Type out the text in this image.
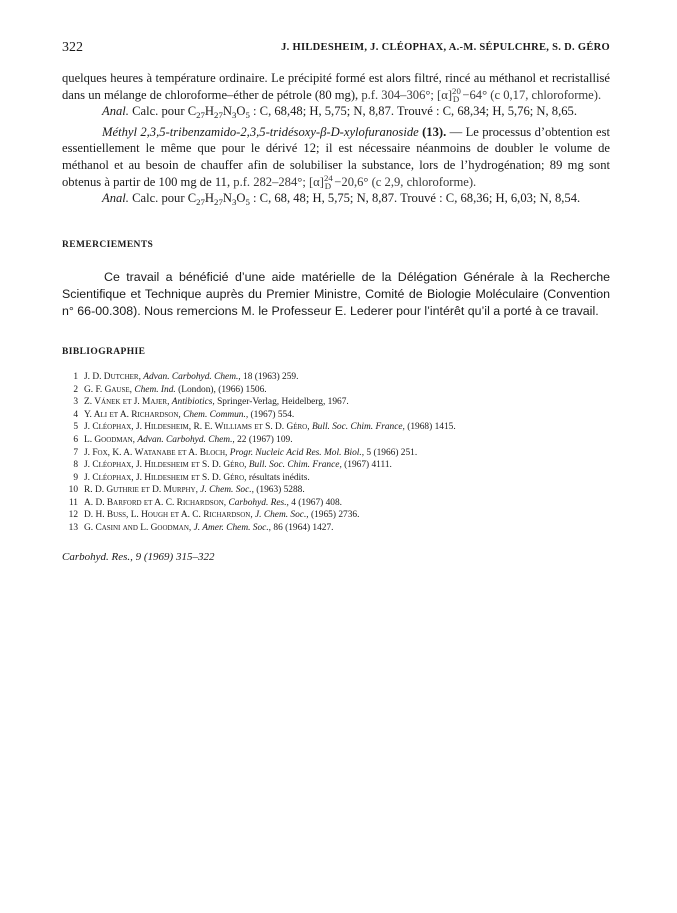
322	J. HILDESHEIM, J. CLÉOPHAX, A.-M. SÉPULCHRE, S. D. GÉRO

quelques heures à température ordinaire. Le précipité formé est alors filtré, rincé au méthanol et recristallisé dans un mélange de chloroforme–éther de pétrole (80 mg), p.f. 304–306°; $[\alpha]^{20}_D -64^\circ$ (c 0,17, chloroforme).

Anal. Calc. pour $C_{27}H_{27}N_3O_5$ : C, 68,48; H, 5,75; N, 8,87. Trouvé : C, 68,34; H, 5,76; N, 8,65.

Méthyl 2,3,5-tribenzamido-2,3,5-tridésoxy-β-D-xylofuranoside (13). — Le processus d’obtention est essentiellement le même que pour le dérivé 12; il est nécessaire néanmoins de doubler le volume de méthanol et au besoin de chauffer afin de solubiliser la substance, lors de l’hydrogénation; 89 mg sont obtenus à partir de 100 mg de 11, p.f. 282–284°; $[\alpha]^{24}_D -20,6^\circ$ (c 2,9, chloroforme).

Anal. Calc. pour $C_{27}H_{27}N_3O_5$ : C, 68, 48; H, 5,75; N, 8,87. Trouvé : C, 68,36; H, 6,03; N, 8,54.

REMERCIEMENTS

Ce travail a bénéficié d’une aide matérielle de la Délégation Générale à la Recherche Scientifique et Technique auprès du Premier Ministre, Comité de Biologie Moléculaire (Convention n° 66-00.308). Nous remercions M. le Professeur E. Lederer pour l’intérêt qu’il a porté à ce travail.

BIBLIOGRAPHIE
1 J. D. Dutcher, Advan. Carbohyd. Chem., 18 (1963) 259.
2 G. F. Gause, Chem. Ind. (London), (1966) 1506.
3 Z. Vánek et J. Majer, Antibiotics, Springer-Verlag, Heidelberg, 1967.
4 Y. Ali et A. Richardson, Chem. Commun., (1967) 554.
5 J. Cléophax, J. Hildesheim, R. E. Williams et S. D. Géro, Bull. Soc. Chim. France, (1968) 1415.
6 L. Goodman, Advan. Carbohyd. Chem., 22 (1967) 109.
7 J. Fox, K. A. Watanabe et A. Bloch, Progr. Nucleic Acid Res. Mol. Biol., 5 (1966) 251.
8 J. Cléophax, J. Hildesheim et S. D. Géro, Bull. Soc. Chim. France, (1967) 4111.
9 J. Cléophax, J. Hildesheim et S. D. Géro, résultats inédits.
10 R. D. Guthrie et D. Murphy, J. Chem. Soc., (1963) 5288.
11 A. D. Barford et A. C. Richardson, Carbohyd. Res., 4 (1967) 408.
12 D. H. Buss, L. Hough et A. C. Richardson, J. Chem. Soc., (1965) 2736.
13 G. Casini and L. Goodman, J. Amer. Chem. Soc., 86 (1964) 1427.
Carbohyd. Res., 9 (1969) 315–322
